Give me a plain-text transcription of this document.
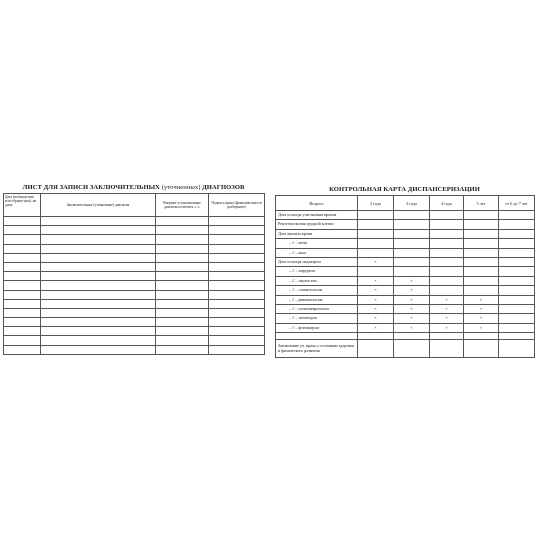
ЛИСТ ДЛЯ ЗАПИСИ ЗАКЛЮЧИТЕЛЬНЫХ (уточненных) ДИАГНОЗОВ
Дата (наблюде-ния или обраще-ния), на дому	Заключительные (уточненные) диагнозы	Впервые установленные диагнозы отметить «+»	Подпись врача (фамилию внести разборчиво)

КОНТРОЛЬНАЯ КАРТА ДИСПАНСЕРИЗАЦИИ
Возраст	2 года	3 года	4 года	5 лет	от 6 до 7 лет
Дата осмотра участковым врачом					
Рентгеноскопия грудной клетки					
Дата анализа крови					
– // – мочи					
– // – кала					
Дата осмотра педиатром	×				
– // – хирургом					
– // – окулистом	×	×			
– // – стоматологом	×	×			
– // – ревматологом	×	×	×	×	
– // – психоневрологом	×	×	×	×	
– // – логопедом	×	×	×	×	
– // – фтизиатром	×	×	×	×	

Заключение уч. врача о состоянии здоровья и физического развития					
